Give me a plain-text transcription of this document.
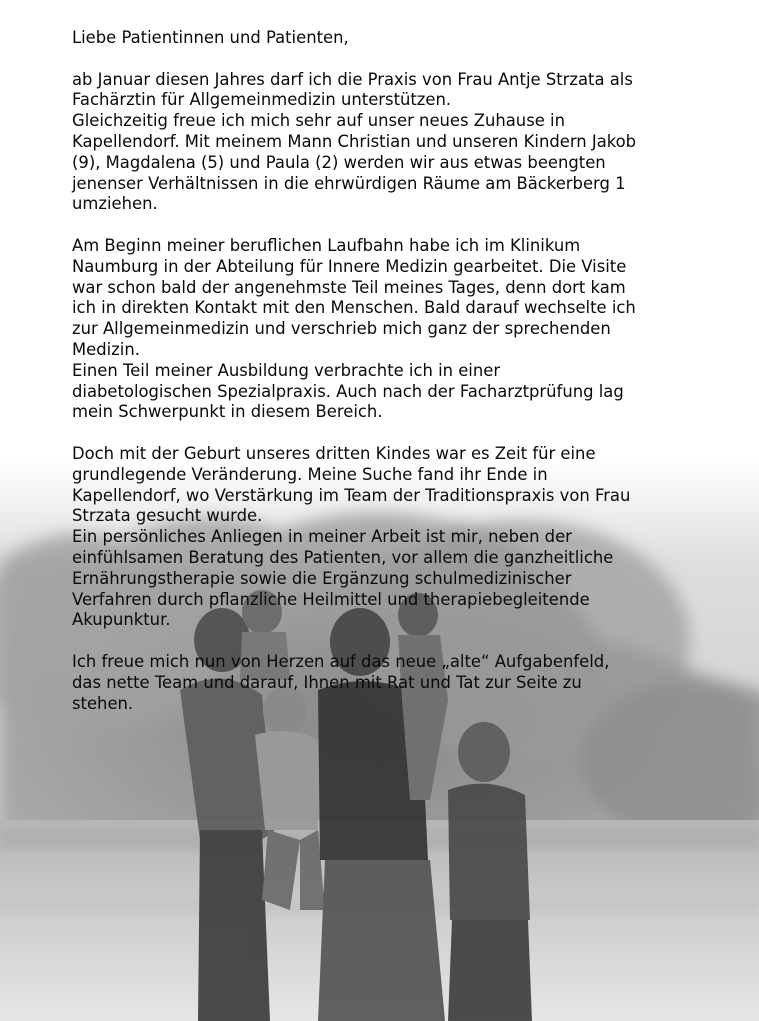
Liebe Patientinnen und Patienten,

ab Januar diesen Jahres darf ich die Praxis von Frau Antje Strzata als
Fachärztin für Allgemeinmedizin unterstützen.

Gleichzeitig freue ich mich sehr auf unser neues Zuhause in
Kapellendorf. Mit meinem Mann Christian und unseren Kindern Jakob
(9), Magdalena (5) und Paula (2) werden wir aus etwas beengten
jenenser Verhältnissen in die ehrwürdigen Räume am Bäckerberg 1
umziehen.

Am Beginn meiner beruflichen Laufbahn habe ich im Klinikum
Naumburg in der Abteilung für Innere Medizin gearbeitet. Die Visite
war schon bald der angenehmste Teil meines Tages, denn dort kam
ich in direkten Kontakt mit den Menschen. Bald darauf wechselte ich
zur Allgemeinmedizin und verschrieb mich ganz der sprechenden
Medizin.

Einen Teil meiner Ausbildung verbrachte ich in einer
diabetologischen Spezialpraxis. Auch nach der Facharztprüfung lag
mein Schwerpunkt in diesem Bereich.

Doch mit der Geburt unseres dritten Kindes war es Zeit für eine
grundlegende Veränderung. Meine Suche fand ihr Ende in
Kapellendorf, wo Verstärkung im Team der Traditionspraxis von Frau
Strzata gesucht wurde.

Ein persönliches Anliegen in meiner Arbeit ist mir, neben der
einfühlsamen Beratung des Patienten, vor allem die ganzheitliche
Ernährungstherapie sowie die Ergänzung schulmedizinischer
Verfahren durch pflanzliche Heilmittel und therapiebegleitende
Akupunktur.

Ich freue mich nun von Herzen auf das neue „alte“ Aufgabenfeld,
das nette Team und darauf, Ihnen mit Rat und Tat zur Seite zu
stehen.
